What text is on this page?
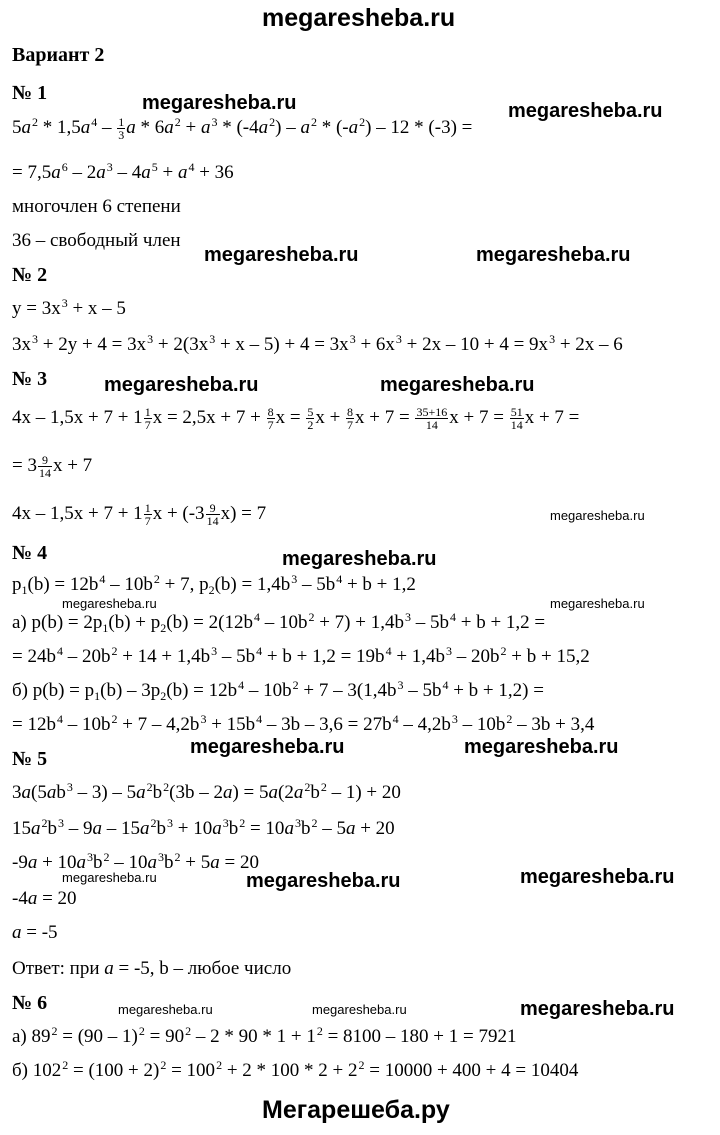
megaresheba.ru
Вариант 2
№ 1	megaresheba.ru	megaresheba.ru
$5a^2 * 1,5a^4 - \frac{1}{3}$ $a * 6a^2 + a^3 * (-4a^2) - a^2 * (-a^2) - 12 * (-3)$ =
= $7,5a^6 - 2a^3 - 4a^5 + a^4 + 36$
многочлен 6 степени
36 – свободный член
megaresheba.ru	megaresheba.ru
№ 2
$y = 3x^3 + x - 5$
$3x^3 + 2y + 4 = 3x^3 + 2(3x^3 + x - 5) + 4 = 3x^3 + 6x^3 + 2x - 10 + 4 = 9x^3 + 2x - 6$
№ 3	megaresheba.ru	megaresheba.ru
$4x - 1,5x + 7 + 1 \frac{1}{7}$ $x = 2,5x + 7 + \frac{8}{7}$ $x = \frac{5}{2}$ $x + \frac{8}{7}$ $x + 7 = \frac{35+16}{14}$ $x + 7 = \frac{51}{14}$ x + 7 =
= $3 \frac{9}{14}$ x + 7
$4x - 1,5x + 7 + 1 \frac{1}{7}$ $x + (-3 \frac{9}{14} x) = 7$	megaresheba.ru
№ 4	megaresheba.ru
$p_1(b) = 12b^4 - 10b^2 + 7$, $p_2(b) = 1,4b^3 - 5b^4 + b + 1,2$
megaresheba.ru	megaresheba.ru
а) $p(b) = 2p_1(b) + p_2(b) = 2(12b^4 - 10b^2 + 7) + 1,4b^3 - 5b^4 + b + 1,2$ =
= $24b^4 - 20b^2 + 14 + 1,4b^3 - 5b^4 + b + 1,2 = 19b^4 + 1,4b^3 - 20b^2 + b + 15,2$
б) $p(b) = p_1(b) - 3p_2(b) = 12b^4 - 10b^2 + 7 - 3(1,4b^3 - 5b^4 + b + 1,2)$ =
= $12b^4 - 10b^2 + 7 - 4,2b^3 + 15b^4 - 3b - 3,6 = 27b^4 - 4,2b^3 - 10b^2 - 3b + 3,4$
№ 5
megaresheba.ru	megaresheba.ru
$3a(5ab^3 - 3) - 5a^2b^2(3b - 2a) = 5a(2a^2b^2 - 1) + 20$
$15a^2b^3 - 9a - 15a^2b^3 + 10a^3b^2 = 10a^3b^2 - 5a + 20$
$-9a + 10a^3b^2 - 10a^3b^2 + 5a = 20$
megaresheba.ru	megaresheba.ru	megaresheba.ru
-4a = 20
a = -5
Ответ: при a = -5, b – любое число
№ 6	megaresheba.ru	megaresheba.ru	megaresheba.ru
а) $89^2 = (90 - 1)^2 = 90^2 - 2 * 90 * 1 + 1^2 = 8100 - 180 + 1 = 7921$
б) $102^2 = (100 + 2)^2 = 100^2 + 2 * 100 * 2 + 2^2 = 10000 + 400 + 4 = 10404$
Мегарешеба.ру
